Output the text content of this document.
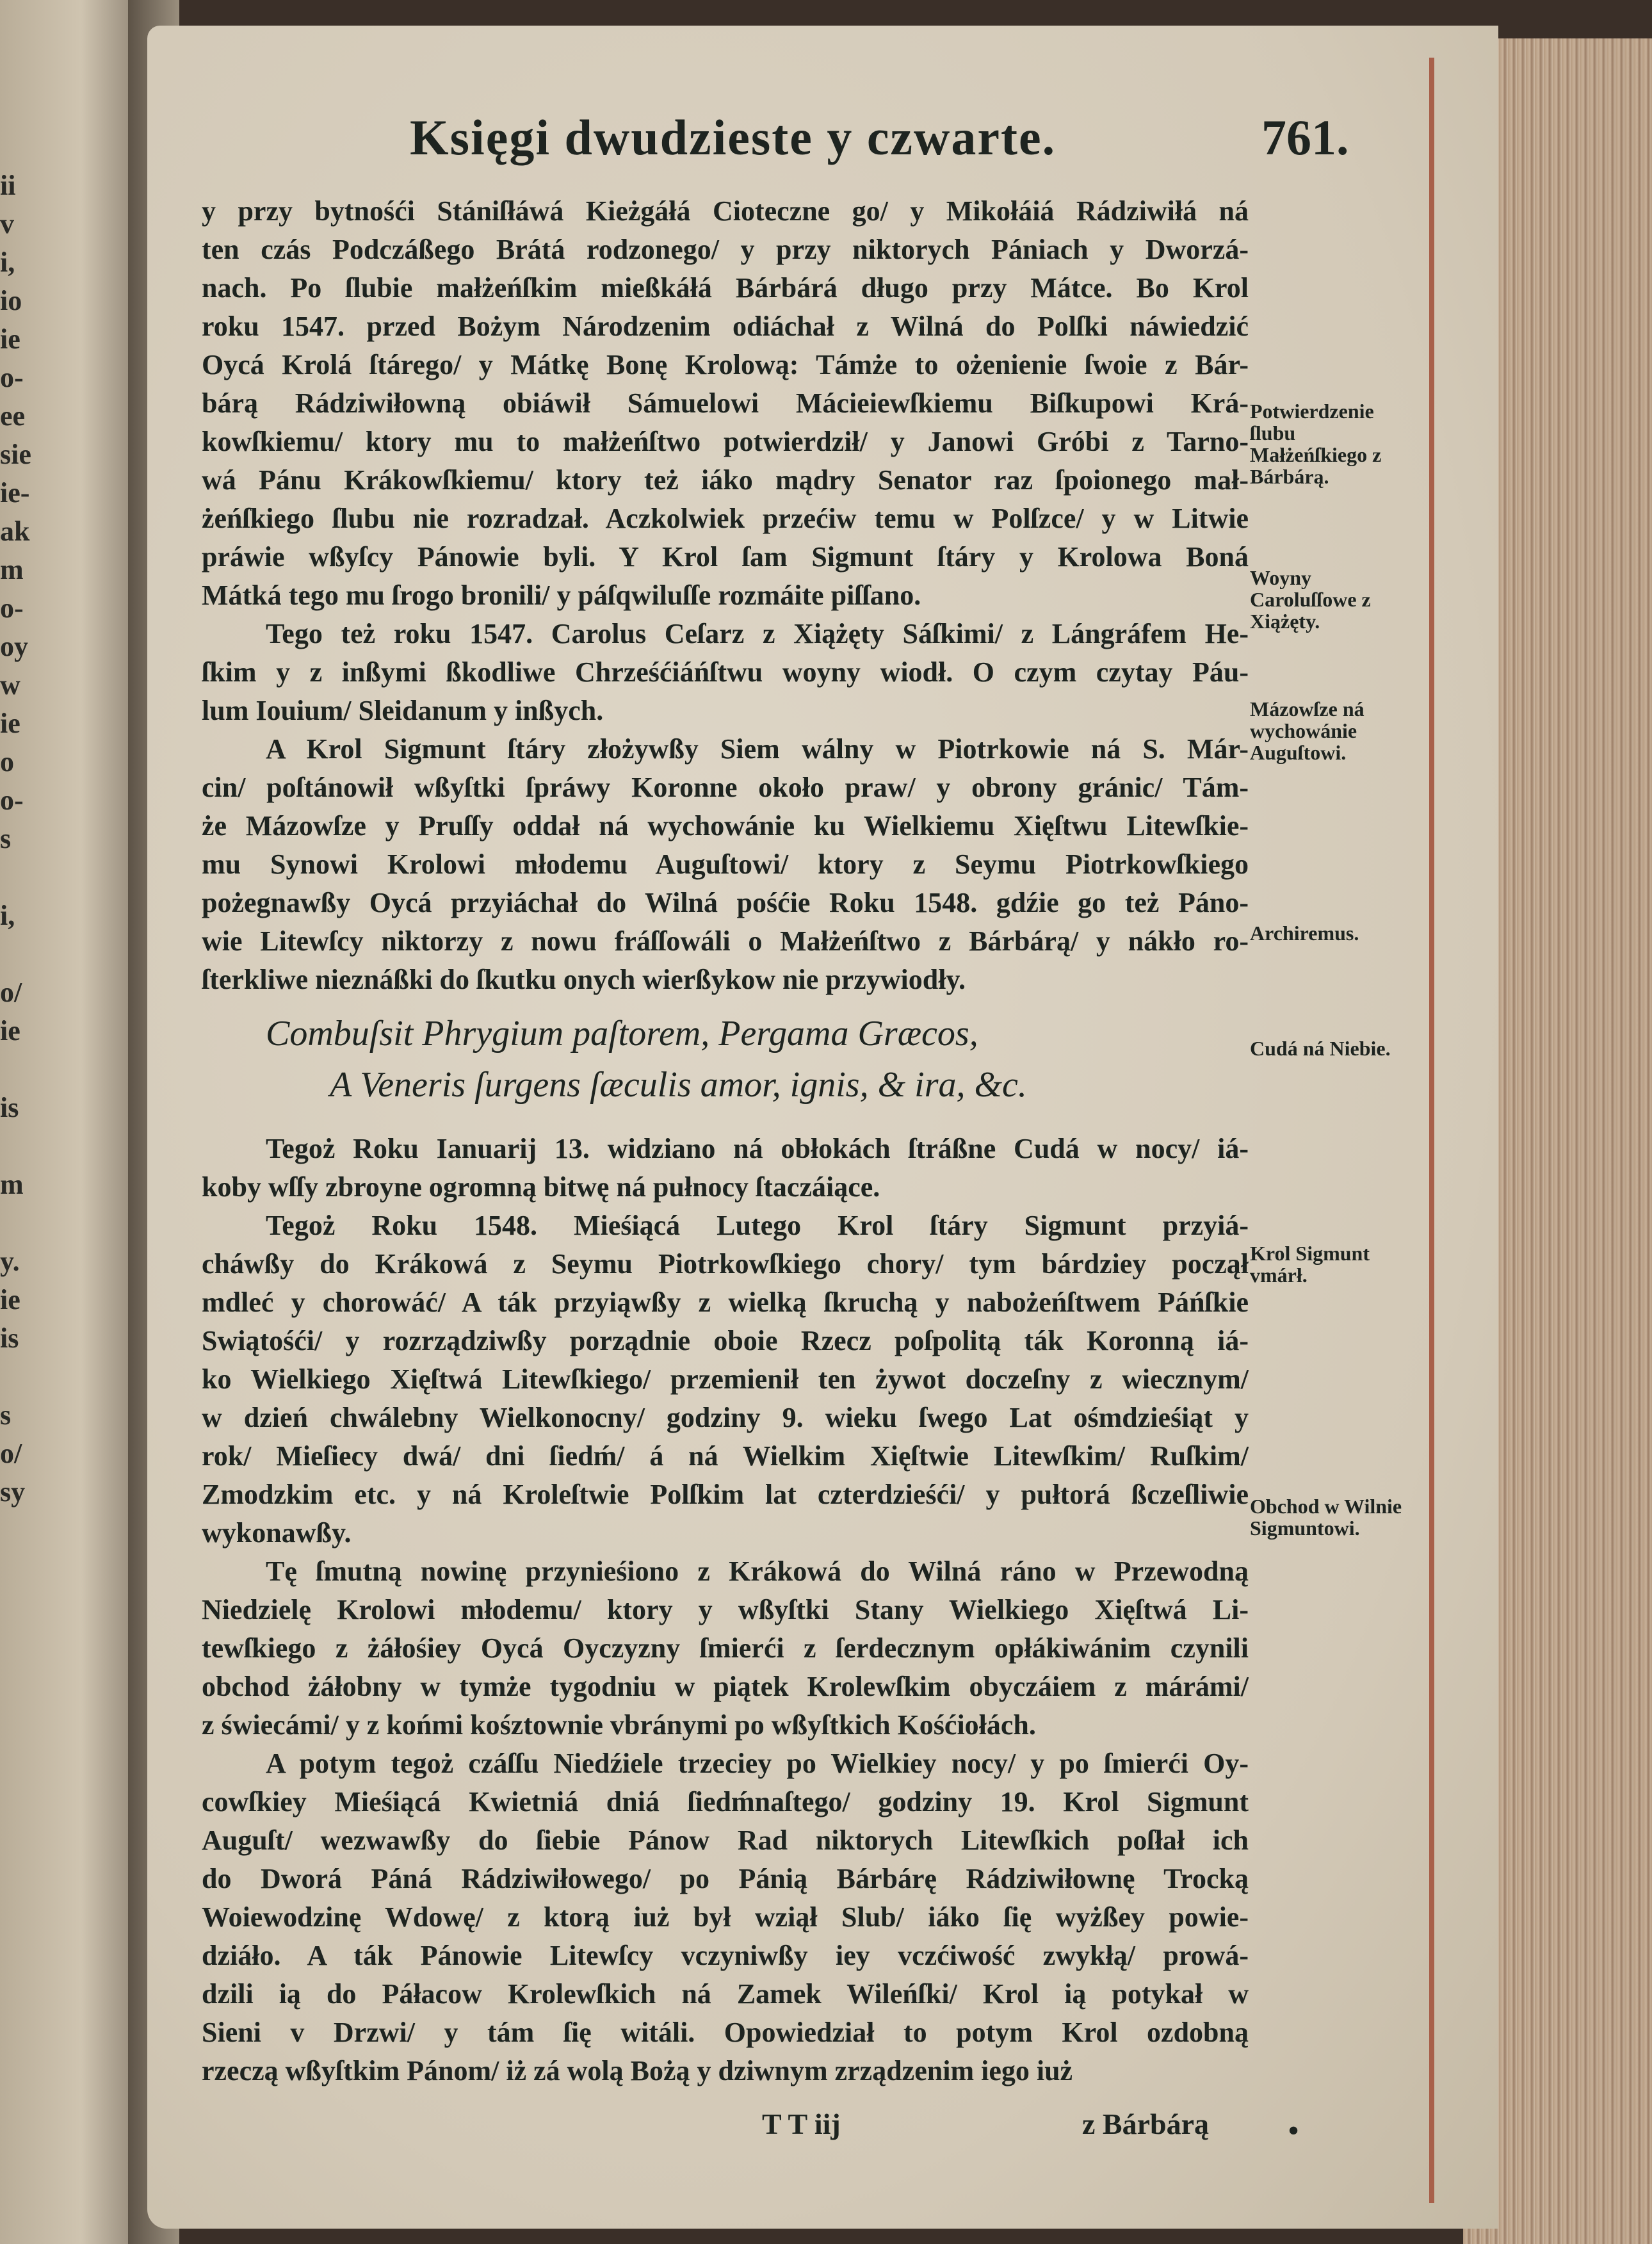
ii
v
i,
io
ie
o-
ee
sie
ie-
ak
m
o-
oy
w
ie
o
o-
s
i,
o/
ie
is
m
y.
ie
is
s
o/
sy
Księgi dwudzieste y czwarte.	761.
y przy bytnośći Stániſłáwá Kieżgáłá Cioteczne go/ y Mikołáiá Rádziwiłá ná
ten czás Podczáßego Brátá rodzonego/ y przy niktorych Pániach y Dworzá-
nach. Po ſlubie małżeńſkim mießkáłá Bárbárá długo przy Mátce. Bo Krol
roku 1547. przed Bożym Národzenim odiáchał z Wilná do Polſki náwiedzić
Oycá Krolá ſtárego/ y Mátkę Bonę Krolową: Támże to ożenienie ſwoie z Bár-
bárą Rádziwiłowną obiáwił Sámuelowi Mácieiewſkiemu Biſkupowi Krá-
kowſkiemu/ ktory mu to małżeńſtwo potwierdził/ y Janowi Gróbi z Tarno-
wá Pánu Krákowſkiemu/ ktory też iáko mądry Senator raz ſpoionego mał-
żeńſkiego ſlubu nie rozradzał. Aczkolwiek przećiw temu w Polſzce/ y w Litwie
práwie wßyſcy Pánowie byli. Y Krol ſam Sigmunt ſtáry y Krolowa Boná
Mátká tego mu ſrogo bronili/ y páſqwiluſſe rozmáite piſſano.
Tego też roku 1547. Carolus Ceſarz z Xiążęty Sáſkimi/ z Lángráfem He-
ſkim y z inßymi ßkodliwe Chrześćiáńſtwu woyny wiodł. O czym czytay Páu-
lum Iouium/ Sleidanum y inßych.
A Krol Sigmunt ſtáry złożywßy Siem wálny w Piotrkowie ná S. Már-
cin/ poſtánowił wßyſtki ſpráwy Koronne około praw/ y obrony gránic/ Tám-
że Mázowſze y Pruſſy oddał ná wychowánie ku Wielkiemu Xięſtwu Litewſkie-
mu Synowi Krolowi młodemu Auguſtowi/ ktory z Seymu Piotrkowſkiego
pożegnawßy Oycá przyiáchał do Wilná pośćie Roku 1548. gdźie go też Páno-
wie Litewſcy niktorzy z nowu fráſſowáli o Małżeńſtwo z Bárbárą/ y nákło ro-
ſterkliwe nieznáßki do ſkutku onych wierßykow nie przywiodły.
Combuſsit Phrygium paſtorem, Pergama Græcos,
A Veneris ſurgens ſæculis amor, ignis, & ira, &c.
Tegoż Roku Ianuarij 13. widziano ná obłokách ſtráßne Cudá w nocy/ iá-
koby wſſy zbroyne ogromną bitwę ná pułnocy ſtaczáiące.
Tegoż Roku 1548. Mieśiącá Lutego Krol ſtáry Sigmunt przyiá-
cháwßy do Krákowá z Seymu Piotrkowſkiego chory/ tym bárdziey począł
mdleć y chorowáć/ A ták przyiąwßy z wielką ſkruchą y nabożeńſtwem Páńſkie
Swiątośći/ y rozrządziwßy porządnie oboie Rzecz poſpolitą ták Koronną iá-
ko Wielkiego Xięſtwá Litewſkiego/ przemienił ten żywot doczeſny z wiecznym/
w dzień chwálebny Wielkonocny/ godziny 9. wieku ſwego Lat ośmdzieśiąt y
rok/ Mieſiecy dwá/ dni ſiedḿ/ á ná Wielkim Xięſtwie Litewſkim/ Ruſkim/
Zmodzkim etc. y ná Kroleſtwie Polſkim lat czterdzieśći/ y pułtorá ßczeſliwie
wykonawßy.
Tę ſmutną nowinę przynieśiono z Krákowá do Wilná ráno w Przewodną
Niedzielę Krolowi młodemu/ ktory y wßyſtki Stany Wielkiego Xięſtwá Li-
tewſkiego z żáłośiey Oycá Oyczyzny ſmierći z ſerdecznym opłákiwánim czynili
obchod żáłobny w tymże tygodniu w piątek Krolewſkim obyczáiem z márámi/
z świecámi/ y z końmi kośztownie vbránymi po wßyſtkich Kośćiołách.
A potym tegoż czáſſu Niedźiele trzeciey po Wielkiey nocy/ y po ſmierći Oy-
cowſkiey Mieśiącá Kwietniá dniá ſiedḿnaſtego/ godziny 19. Krol Sigmunt
Auguſt/ wezwawßy do ſiebie Pánow Rad niktorych Litewſkich poſłał ich
do Dworá Páná Rádziwiłowego/ po Pánią Bárbárę Rádziwiłownę Trocką
Woiewodzinę Wdowę/ z ktorą iuż był wziął Slub/ iáko ſię wyżßey powie-
dziáło. A ták Pánowie Litewſcy vczyniwßy iey vczćiwość zwykłą/ prowá-
dzili ią do Páłacow Krolewſkich ná Zamek Wileńſki/ Krol ią potykał w
Sieni v Drzwi/ y tám ſię witáli. Opowiedział to potym Krol ozdobną
rzeczą wßyſtkim Pánom/ iż zá wolą Bożą y dziwnym zrządzenim iego iuż
Potwierdzenie ſlubu Małżeńſkiego z Bárbárą.
Woyny Caroluſſowe z Xiążęty.
Mázowſze ná wychowánie Auguſtowi.
Archiremus.
Cudá ná Niebie.
Krol Sigmunt vmárł.
Obchod w Wilnie Sigmuntowi.
T T iij	z Bárbárą	•
